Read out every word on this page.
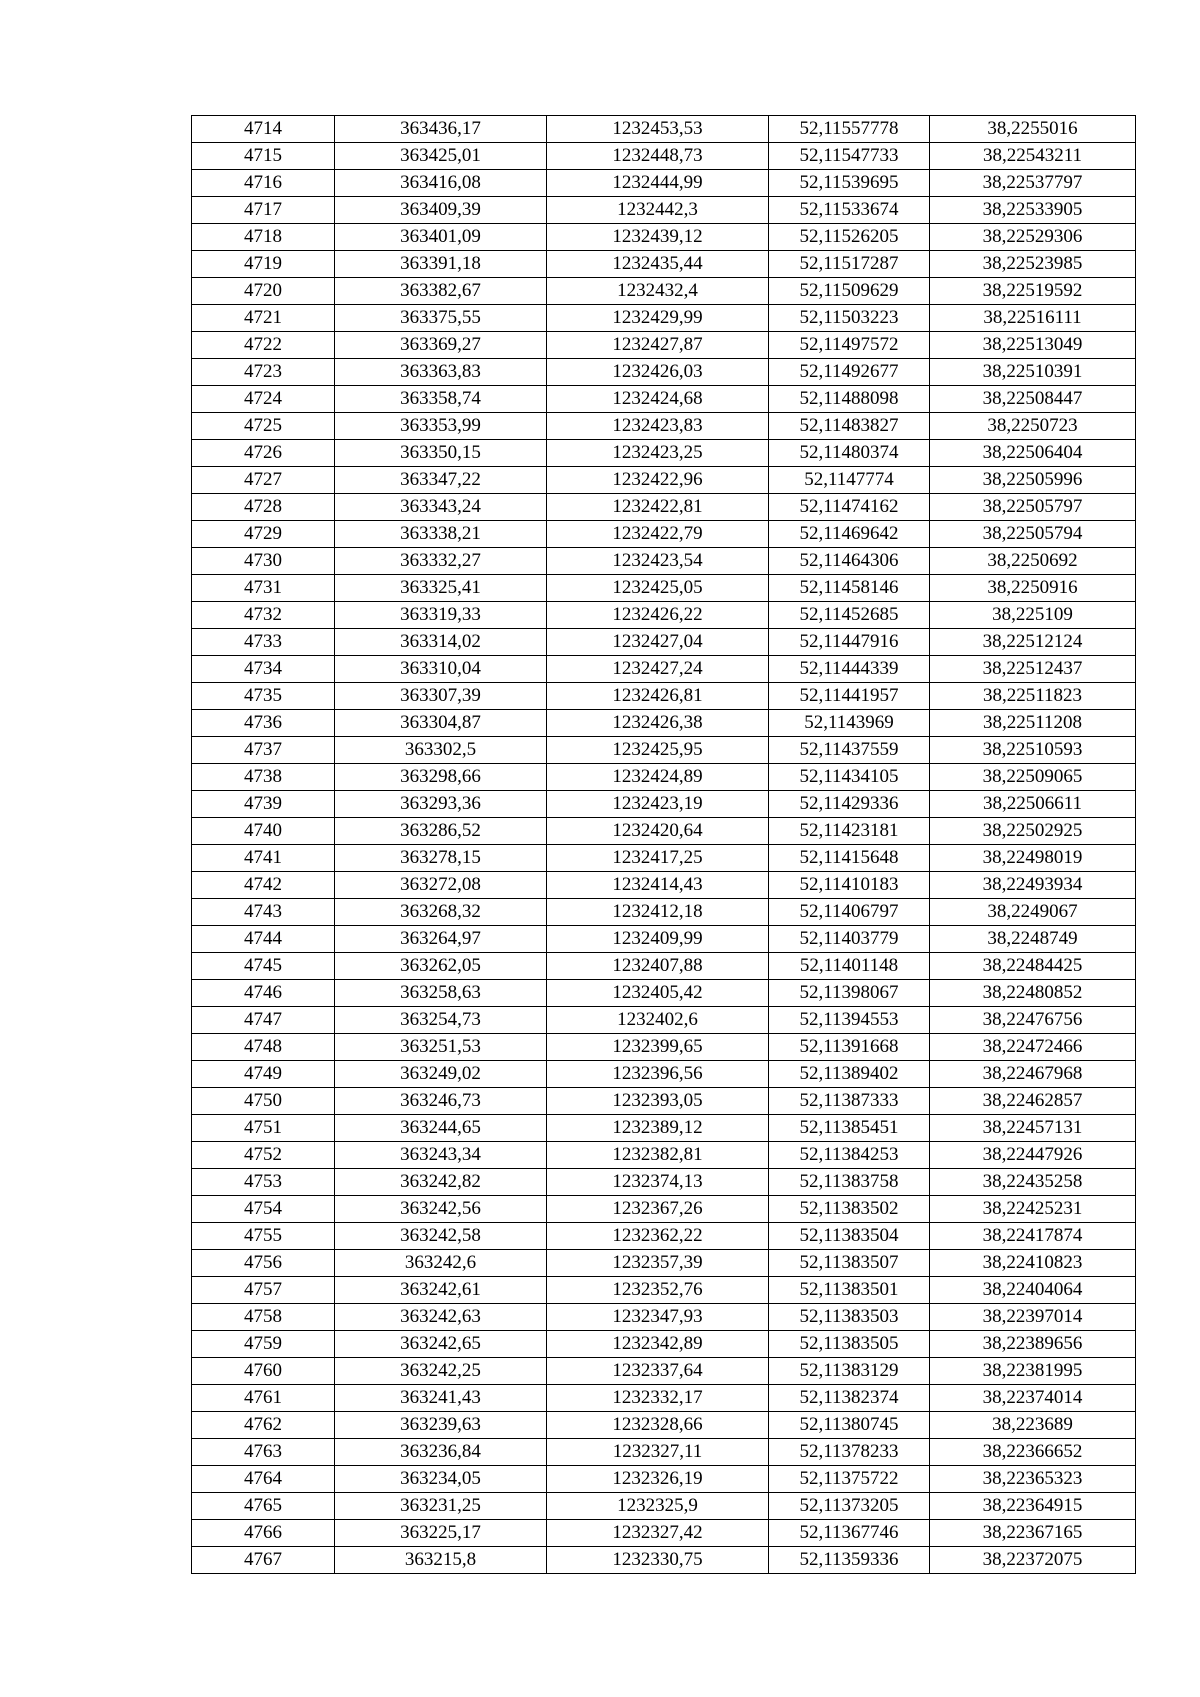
4714	363436,17	1232453,53	52,11557778	38,2255016
4715	363425,01	1232448,73	52,11547733	38,22543211
4716	363416,08	1232444,99	52,11539695	38,22537797
4717	363409,39	1232442,3	52,11533674	38,22533905
4718	363401,09	1232439,12	52,11526205	38,22529306
4719	363391,18	1232435,44	52,11517287	38,22523985
4720	363382,67	1232432,4	52,11509629	38,22519592
4721	363375,55	1232429,99	52,11503223	38,22516111
4722	363369,27	1232427,87	52,11497572	38,22513049
4723	363363,83	1232426,03	52,11492677	38,22510391
4724	363358,74	1232424,68	52,11488098	38,22508447
4725	363353,99	1232423,83	52,11483827	38,2250723
4726	363350,15	1232423,25	52,11480374	38,22506404
4727	363347,22	1232422,96	52,1147774	38,22505996
4728	363343,24	1232422,81	52,11474162	38,22505797
4729	363338,21	1232422,79	52,11469642	38,22505794
4730	363332,27	1232423,54	52,11464306	38,2250692
4731	363325,41	1232425,05	52,11458146	38,2250916
4732	363319,33	1232426,22	52,11452685	38,225109
4733	363314,02	1232427,04	52,11447916	38,22512124
4734	363310,04	1232427,24	52,11444339	38,22512437
4735	363307,39	1232426,81	52,11441957	38,22511823
4736	363304,87	1232426,38	52,1143969	38,22511208
4737	363302,5	1232425,95	52,11437559	38,22510593
4738	363298,66	1232424,89	52,11434105	38,22509065
4739	363293,36	1232423,19	52,11429336	38,22506611
4740	363286,52	1232420,64	52,11423181	38,22502925
4741	363278,15	1232417,25	52,11415648	38,22498019
4742	363272,08	1232414,43	52,11410183	38,22493934
4743	363268,32	1232412,18	52,11406797	38,2249067
4744	363264,97	1232409,99	52,11403779	38,2248749
4745	363262,05	1232407,88	52,11401148	38,22484425
4746	363258,63	1232405,42	52,11398067	38,22480852
4747	363254,73	1232402,6	52,11394553	38,22476756
4748	363251,53	1232399,65	52,11391668	38,22472466
4749	363249,02	1232396,56	52,11389402	38,22467968
4750	363246,73	1232393,05	52,11387333	38,22462857
4751	363244,65	1232389,12	52,11385451	38,22457131
4752	363243,34	1232382,81	52,11384253	38,22447926
4753	363242,82	1232374,13	52,11383758	38,22435258
4754	363242,56	1232367,26	52,11383502	38,22425231
4755	363242,58	1232362,22	52,11383504	38,22417874
4756	363242,6	1232357,39	52,11383507	38,22410823
4757	363242,61	1232352,76	52,11383501	38,22404064
4758	363242,63	1232347,93	52,11383503	38,22397014
4759	363242,65	1232342,89	52,11383505	38,22389656
4760	363242,25	1232337,64	52,11383129	38,22381995
4761	363241,43	1232332,17	52,11382374	38,22374014
4762	363239,63	1232328,66	52,11380745	38,223689
4763	363236,84	1232327,11	52,11378233	38,22366652
4764	363234,05	1232326,19	52,11375722	38,22365323
4765	363231,25	1232325,9	52,11373205	38,22364915
4766	363225,17	1232327,42	52,11367746	38,22367165
4767	363215,8	1232330,75	52,11359336	38,22372075
